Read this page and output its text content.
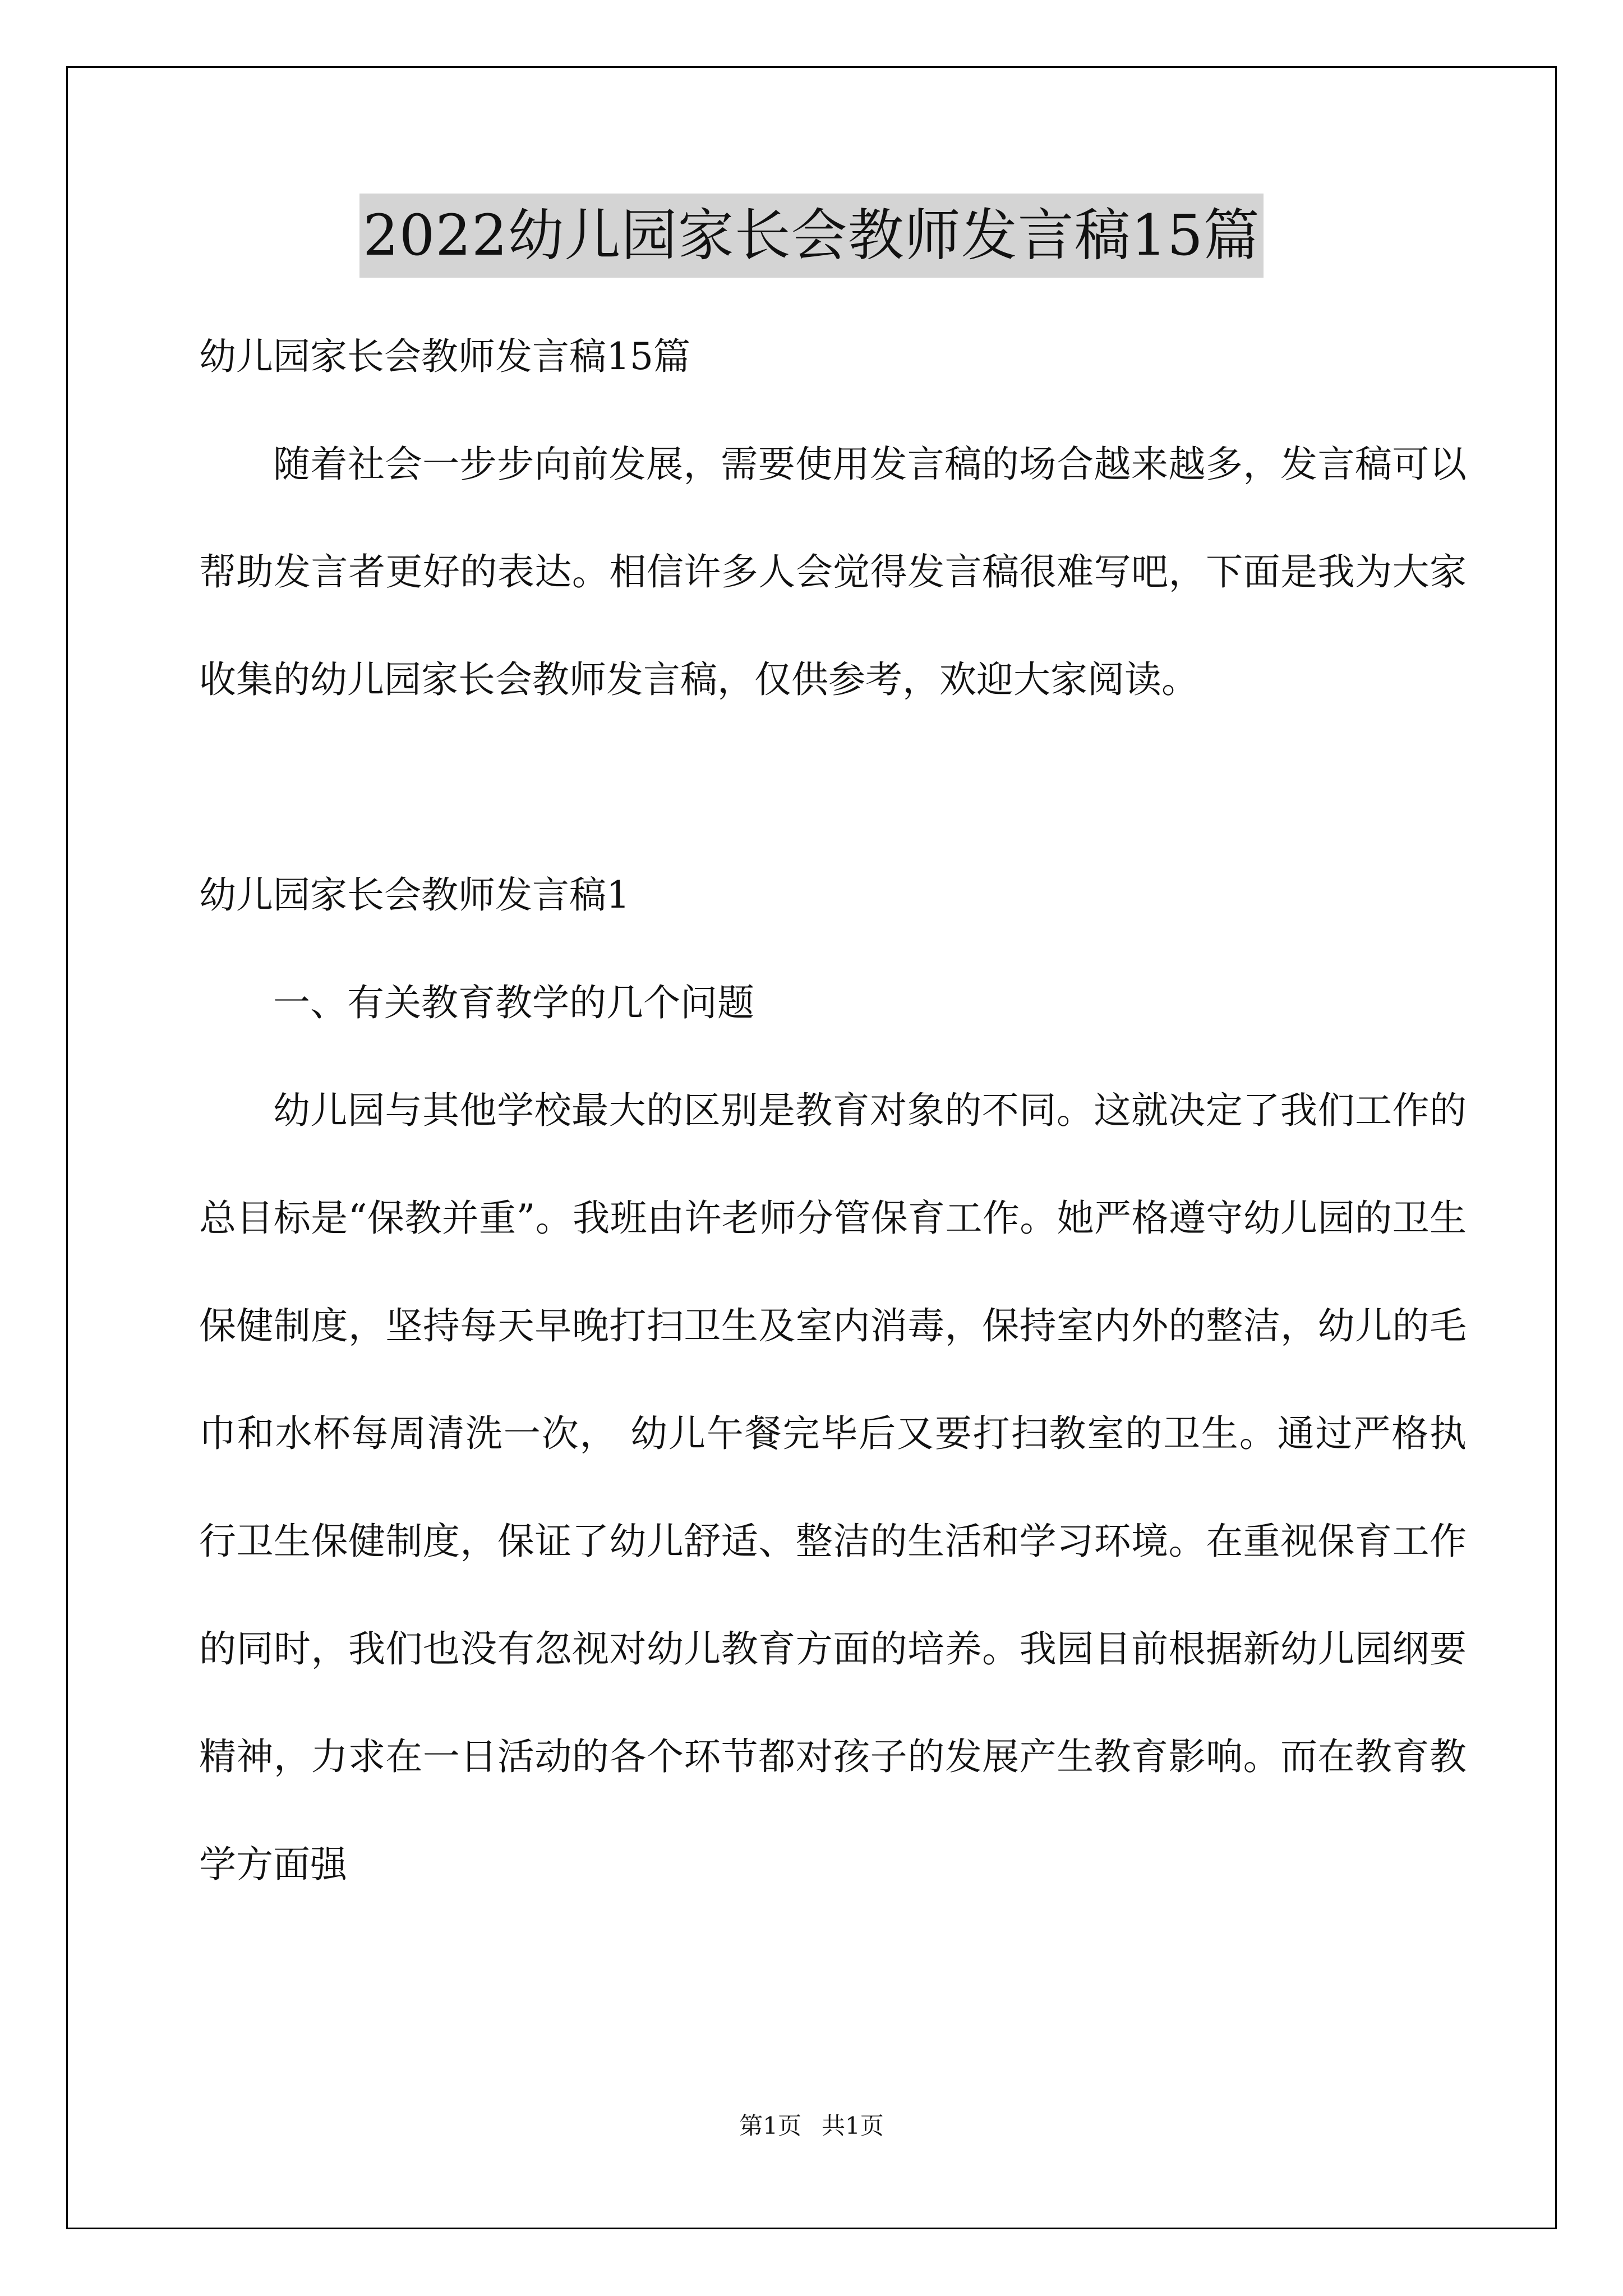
2022幼儿园家长会教师发言稿15篇
幼儿园家长会教师发言稿15篇

随着社会一步步向前发展，需要使用发言稿的场合越来越多，发言稿可以帮助发言者更好的表达。相信许多人会觉得发言稿很难写吧，下面是我为大家收集的幼儿园家长会教师发言稿，仅供参考，欢迎大家阅读。

幼儿园家长会教师发言稿1
一、有关教育教学的几个问题

幼儿园与其他学校最大的区别是教育对象的不同。这就决定了我们工作的总目标是“保教并重”。我班由许老师分管保育工作。她严格遵守幼儿园的卫生保健制度，坚持每天早晚打扫卫生及室内消毒，保持室内外的整洁，幼儿的毛巾和水杯每周清洗一次， 幼儿午餐完毕后又要打扫教室的卫生。通过严格执行卫生保健制度，保证了幼儿舒适、整洁的生活和学习环境。在重视保育工作的同时，我们也没有忽视对幼儿教育方面的培养。我园目前根据新幼儿园纲要精神，力求在一日活动的各个环节都对孩子的发展产生教育影响。而在教育教学方面强

第1页 共1页
